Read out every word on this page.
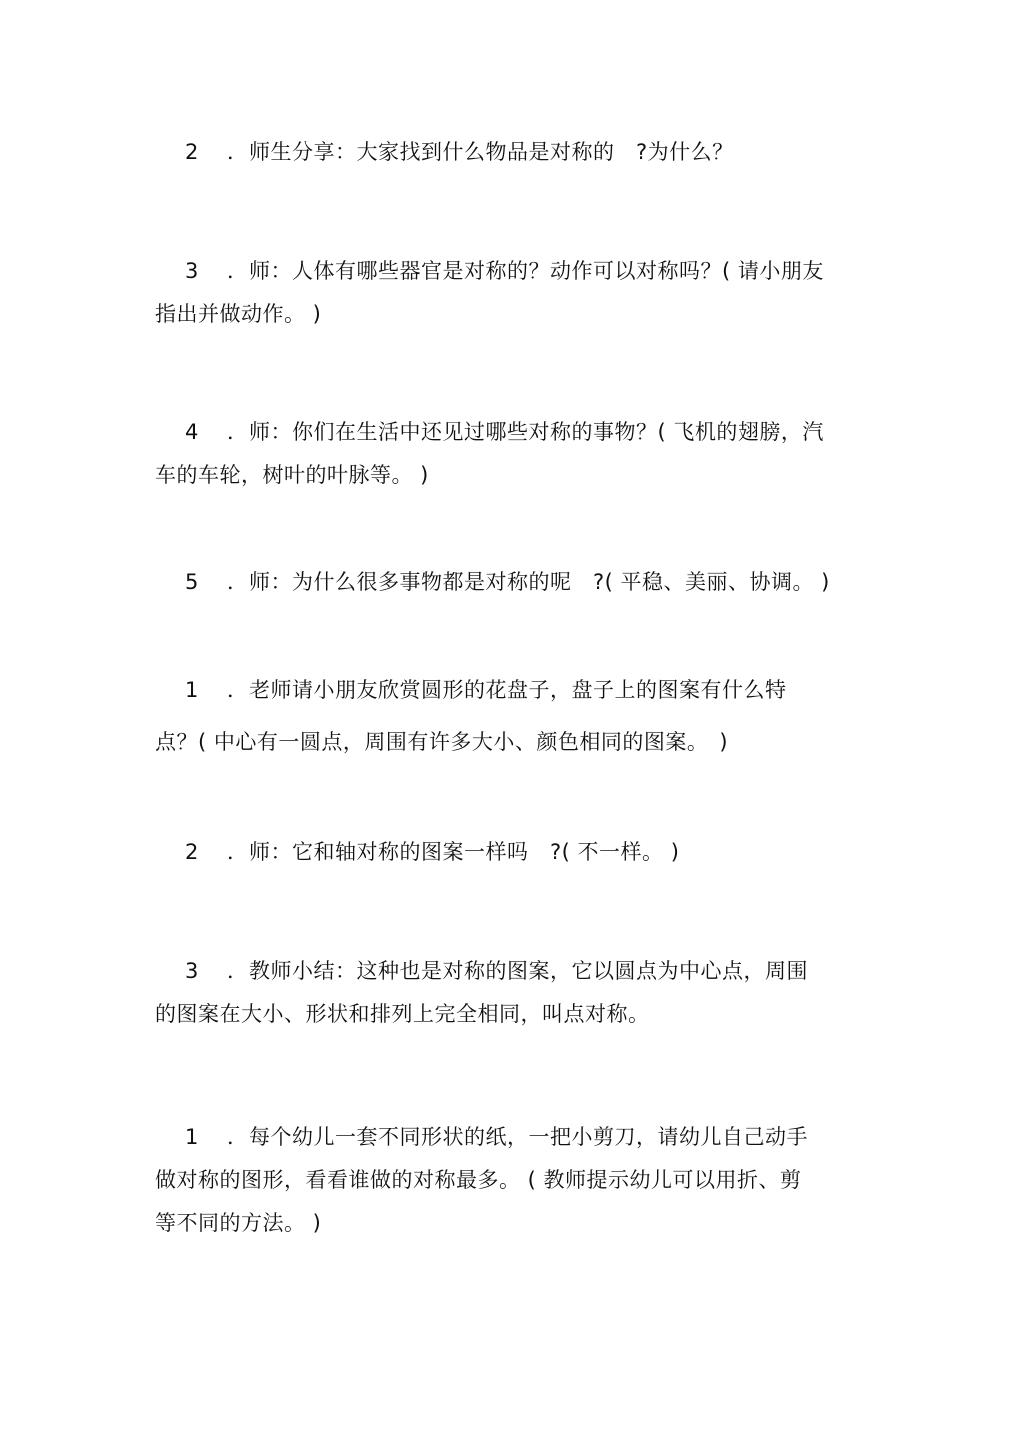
2 ．师生分享：大家找到什么物品是对称的　?为什么？
3 ．师：人体有哪些器官是对称的？动作可以对称吗？( 请小朋友
指出并做动作。 )
4 ．师：你们在生活中还见过哪些对称的事物？( 飞机的翅膀，汽
车的车轮，树叶的叶脉等。 )
5 ．师：为什么很多事物都是对称的呢　?( 平稳、美丽、协调。 )
1 ．老师请小朋友欣赏圆形的花盘子，盘子上的图案有什么特
点？( 中心有一圆点，周围有许多大小、颜色相同的图案。　)
2 ．师：它和轴对称的图案一样吗　?( 不一样。 )
3 ．教师小结：这种也是对称的图案，它以圆点为中心点，周围
的图案在大小、形状和排列上完全相同，叫点对称。
1 ．每个幼儿一套不同形状的纸，一把小剪刀，请幼儿自己动手
做对称的图形，看看谁做的对称最多。 ( 教师提示幼儿可以用折、剪
等不同的方法。 )
